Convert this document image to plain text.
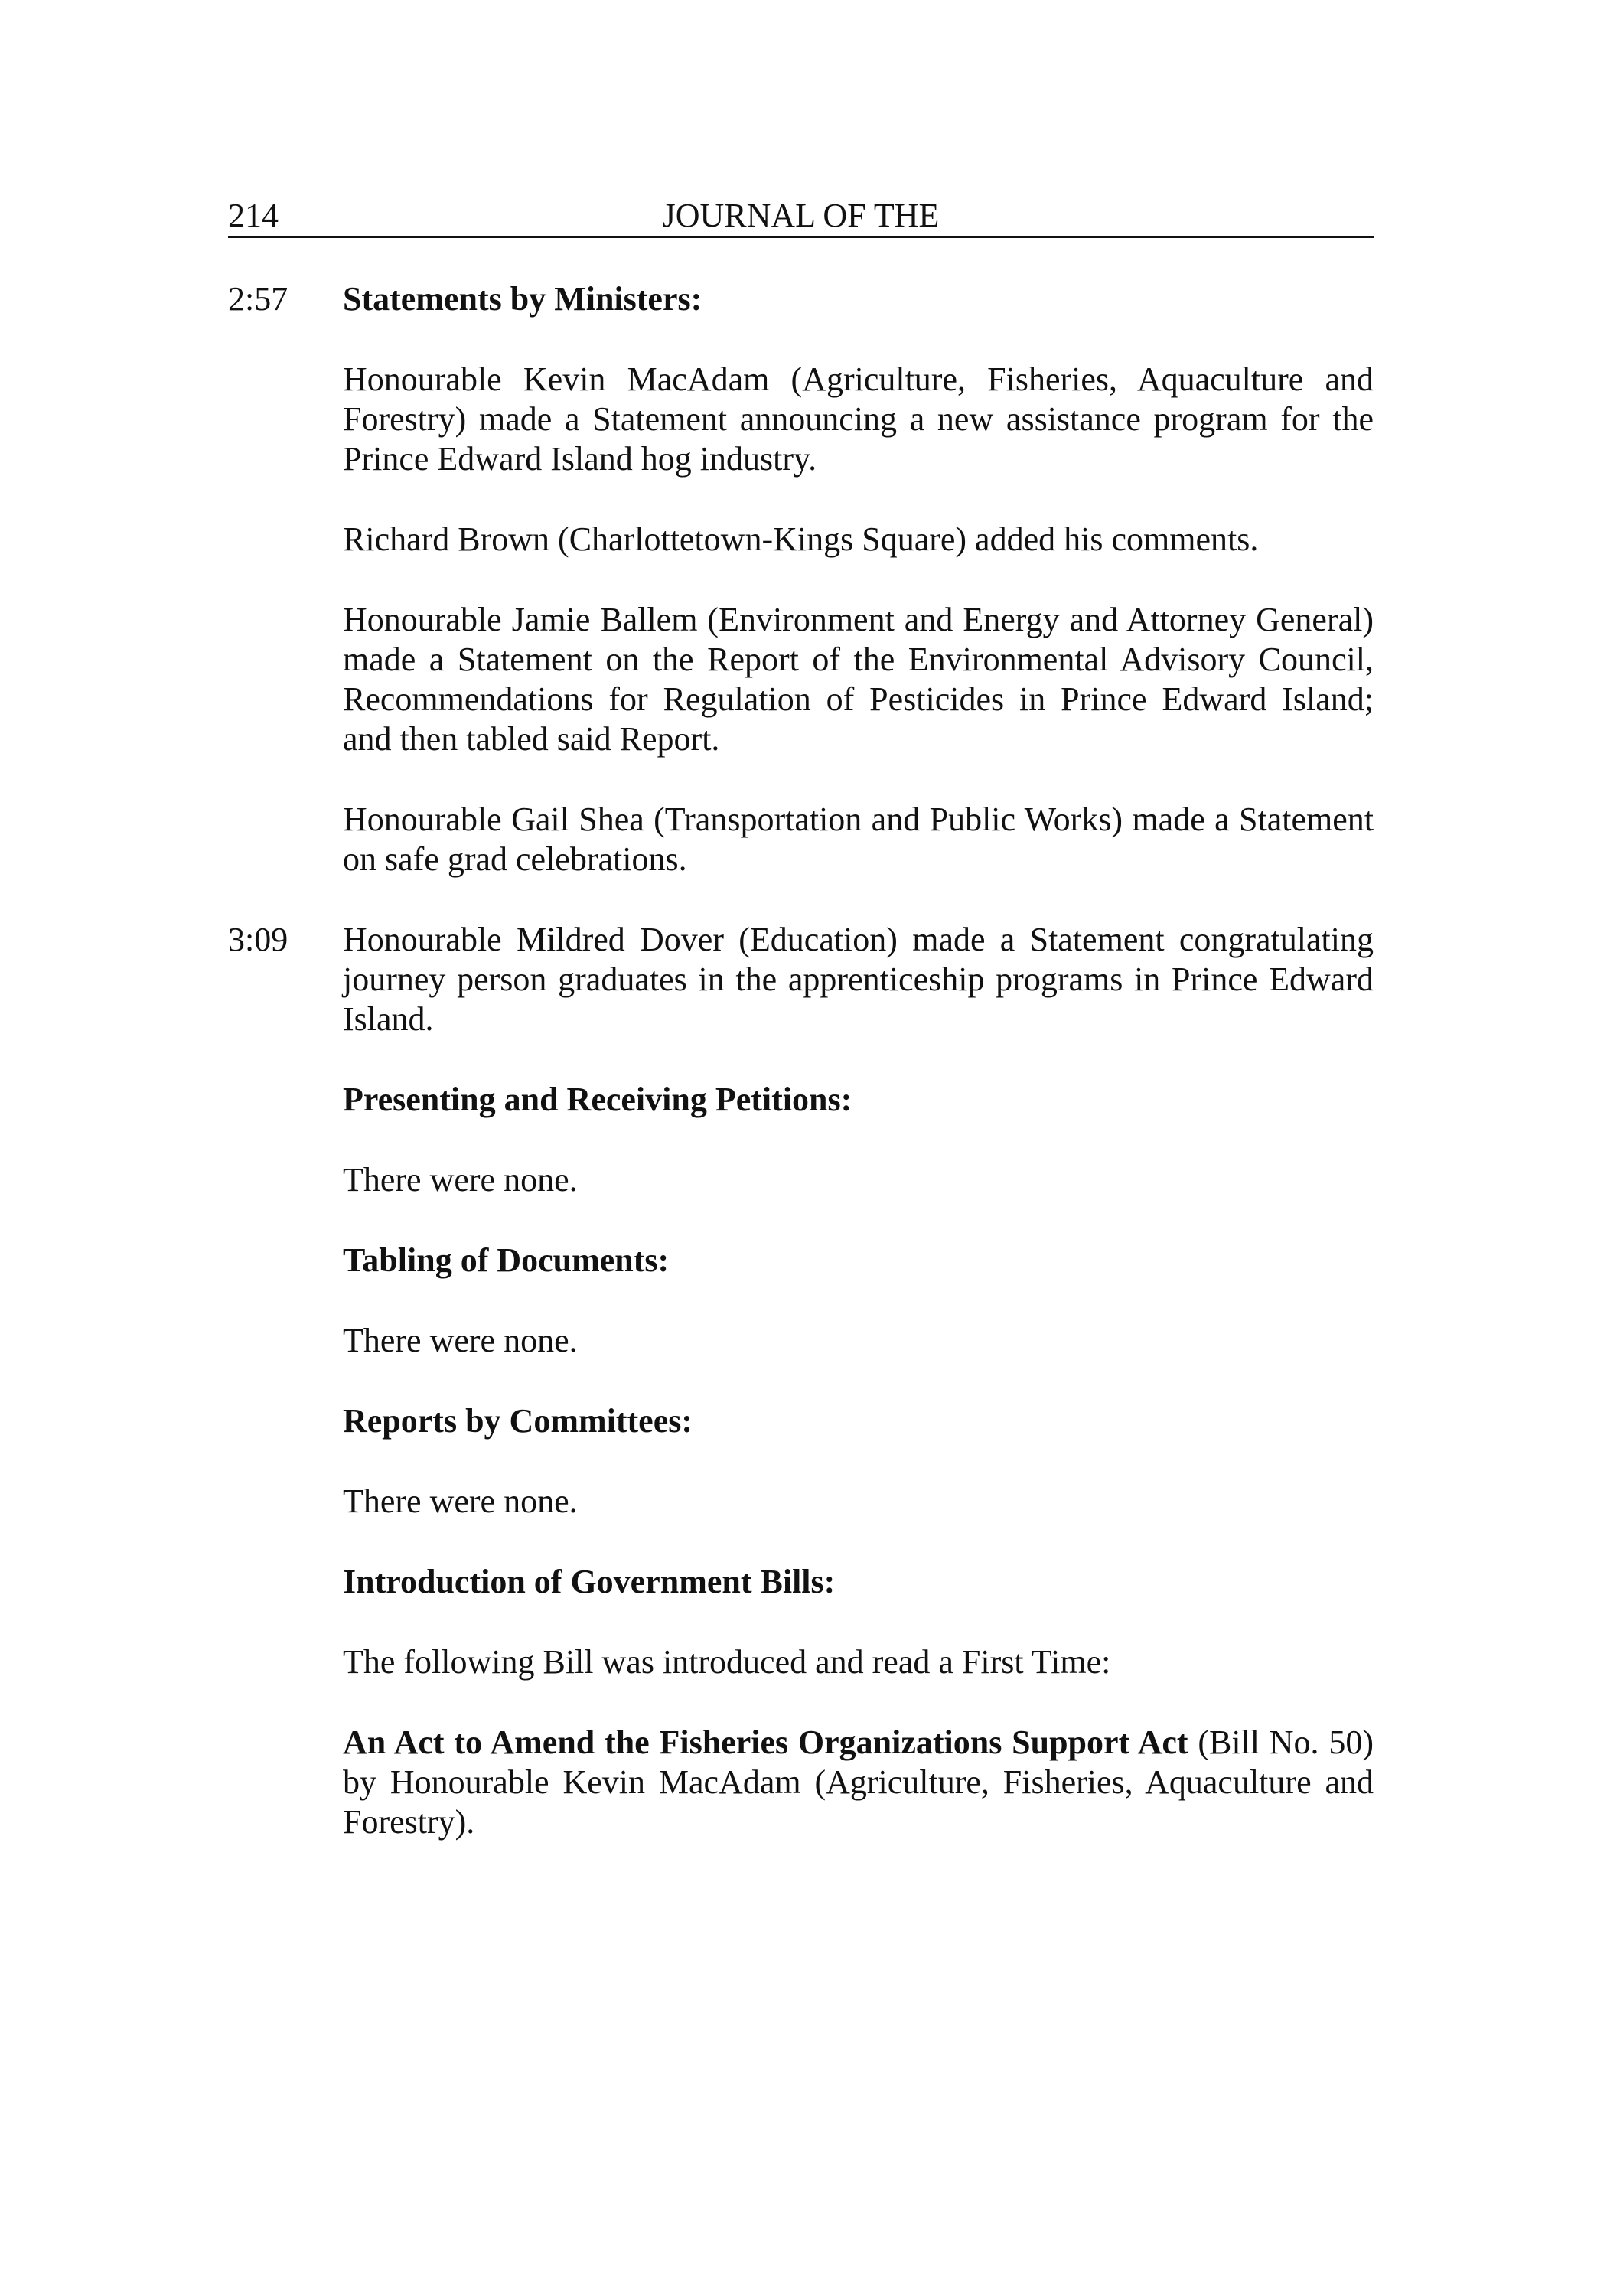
214	JOURNAL OF THE
2:57 Statements by Ministers:

Honourable Kevin MacAdam (Agriculture, Fisheries, Aquaculture and Forestry) made a Statement announcing a new assistance program for the Prince Edward Island hog industry.

Richard Brown (Charlottetown-Kings Square) added his comments.

Honourable Jamie Ballem (Environment and Energy and Attorney General) made a Statement on the Report of the Environmental Advisory Council, Recommendations for Regulation of Pesticides in Prince Edward Island; and then tabled said Report.

Honourable Gail Shea (Transportation and Public Works) made a Statement on safe grad celebrations.

3:09 Honourable Mildred Dover (Education) made a Statement congratulating journey person graduates in the apprenticeship programs in Prince Edward Island.

Presenting and Receiving Petitions:

There were none.

Tabling of Documents:

There were none.

Reports by Committees:

There were none.

Introduction of Government Bills:

The following Bill was introduced and read a First Time:

An Act to Amend the Fisheries Organizations Support Act (Bill No. 50) by Honourable Kevin MacAdam (Agriculture, Fisheries, Aquaculture and Forestry).
